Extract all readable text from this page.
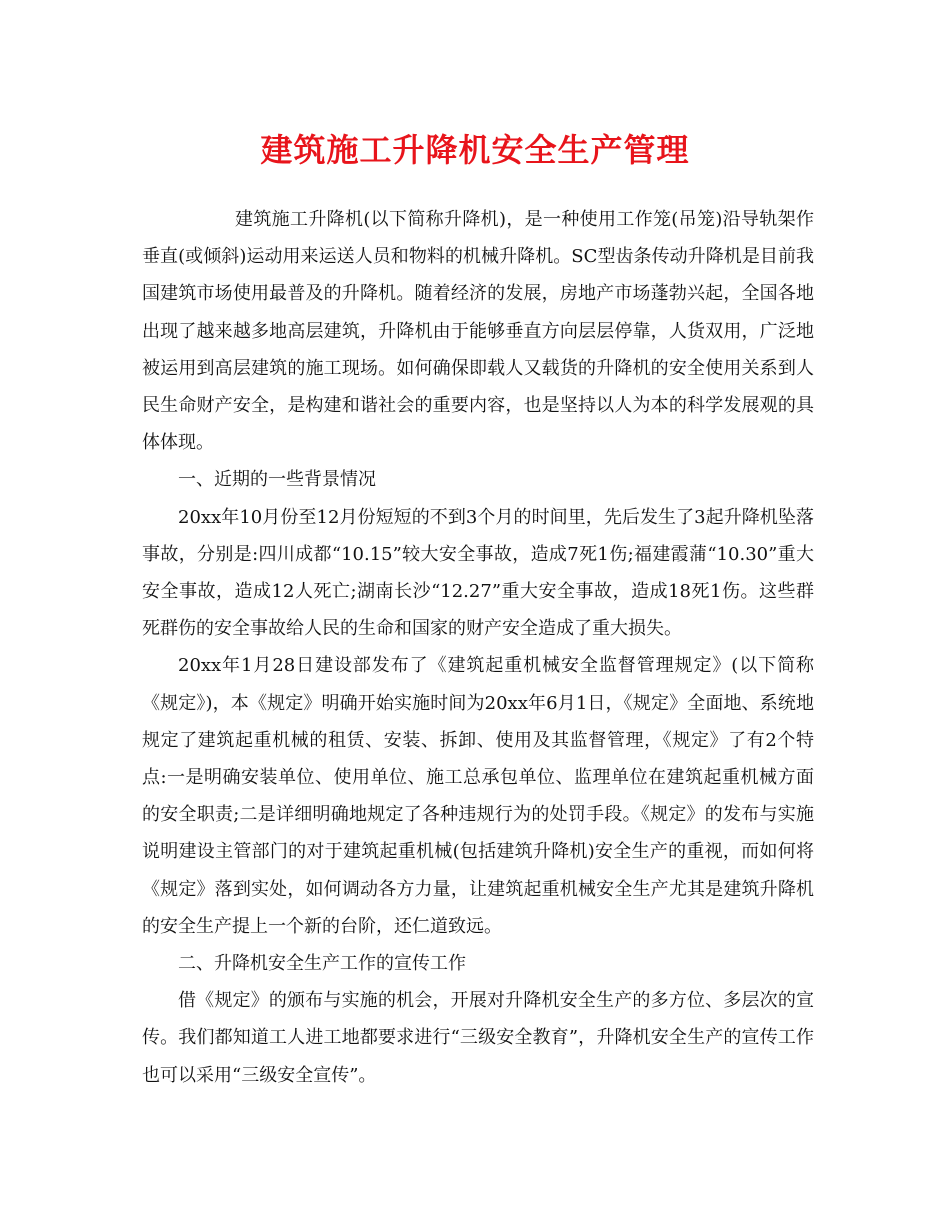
建筑施工升降机安全生产管理

建筑施工升降机(以下简称升降机)，是一种使用工作笼(吊笼)沿导轨架作垂直(或倾斜)运动用来运送人员和物料的机械升降机。SC型齿条传动升降机是目前我国建筑市场使用最普及的升降机。随着经济的发展，房地产市场蓬勃兴起，全国各地出现了越来越多地高层建筑，升降机由于能够垂直方向层层停靠，人货双用，广泛地被运用到高层建筑的施工现场。如何确保即载人又载货的升降机的安全使用关系到人民生命财产安全，是构建和谐社会的重要内容，也是坚持以人为本的科学发展观的具体体现。

一、近期的一些背景情况

20xx年10月份至12月份短短的不到3个月的时间里，先后发生了3起升降机坠落事故，分别是:四川成都“10.15”较大安全事故，造成7死1伤;福建霞蒲“10.30”重大安全事故，造成12人死亡;湖南长沙“12.27”重大安全事故，造成18死1伤。这些群死群伤的安全事故给人民的生命和国家的财产安全造成了重大损失。

20xx年1月28日建设部发布了《建筑起重机械安全监督管理规定》(以下简称《规定》)，本《规定》明确开始实施时间为20xx年6月1日，《规定》全面地、系统地规定了建筑起重机械的租赁、安装、拆卸、使用及其监督管理，《规定》了有2个特点:一是明确安装单位、使用单位、施工总承包单位、监理单位在建筑起重机械方面的安全职责;二是详细明确地规定了各种违规行为的处罚手段。《规定》的发布与实施说明建设主管部门的对于建筑起重机械(包括建筑升降机)安全生产的重视，而如何将《规定》落到实处，如何调动各方力量，让建筑起重机械安全生产尤其是建筑升降机的安全生产提上一个新的台阶，还仁道致远。

二、升降机安全生产工作的宣传工作

借《规定》的颁布与实施的机会，开展对升降机安全生产的多方位、多层次的宣传。我们都知道工人进工地都要求进行“三级安全教育”，升降机安全生产的宣传工作也可以采用“三级安全宣传”。
